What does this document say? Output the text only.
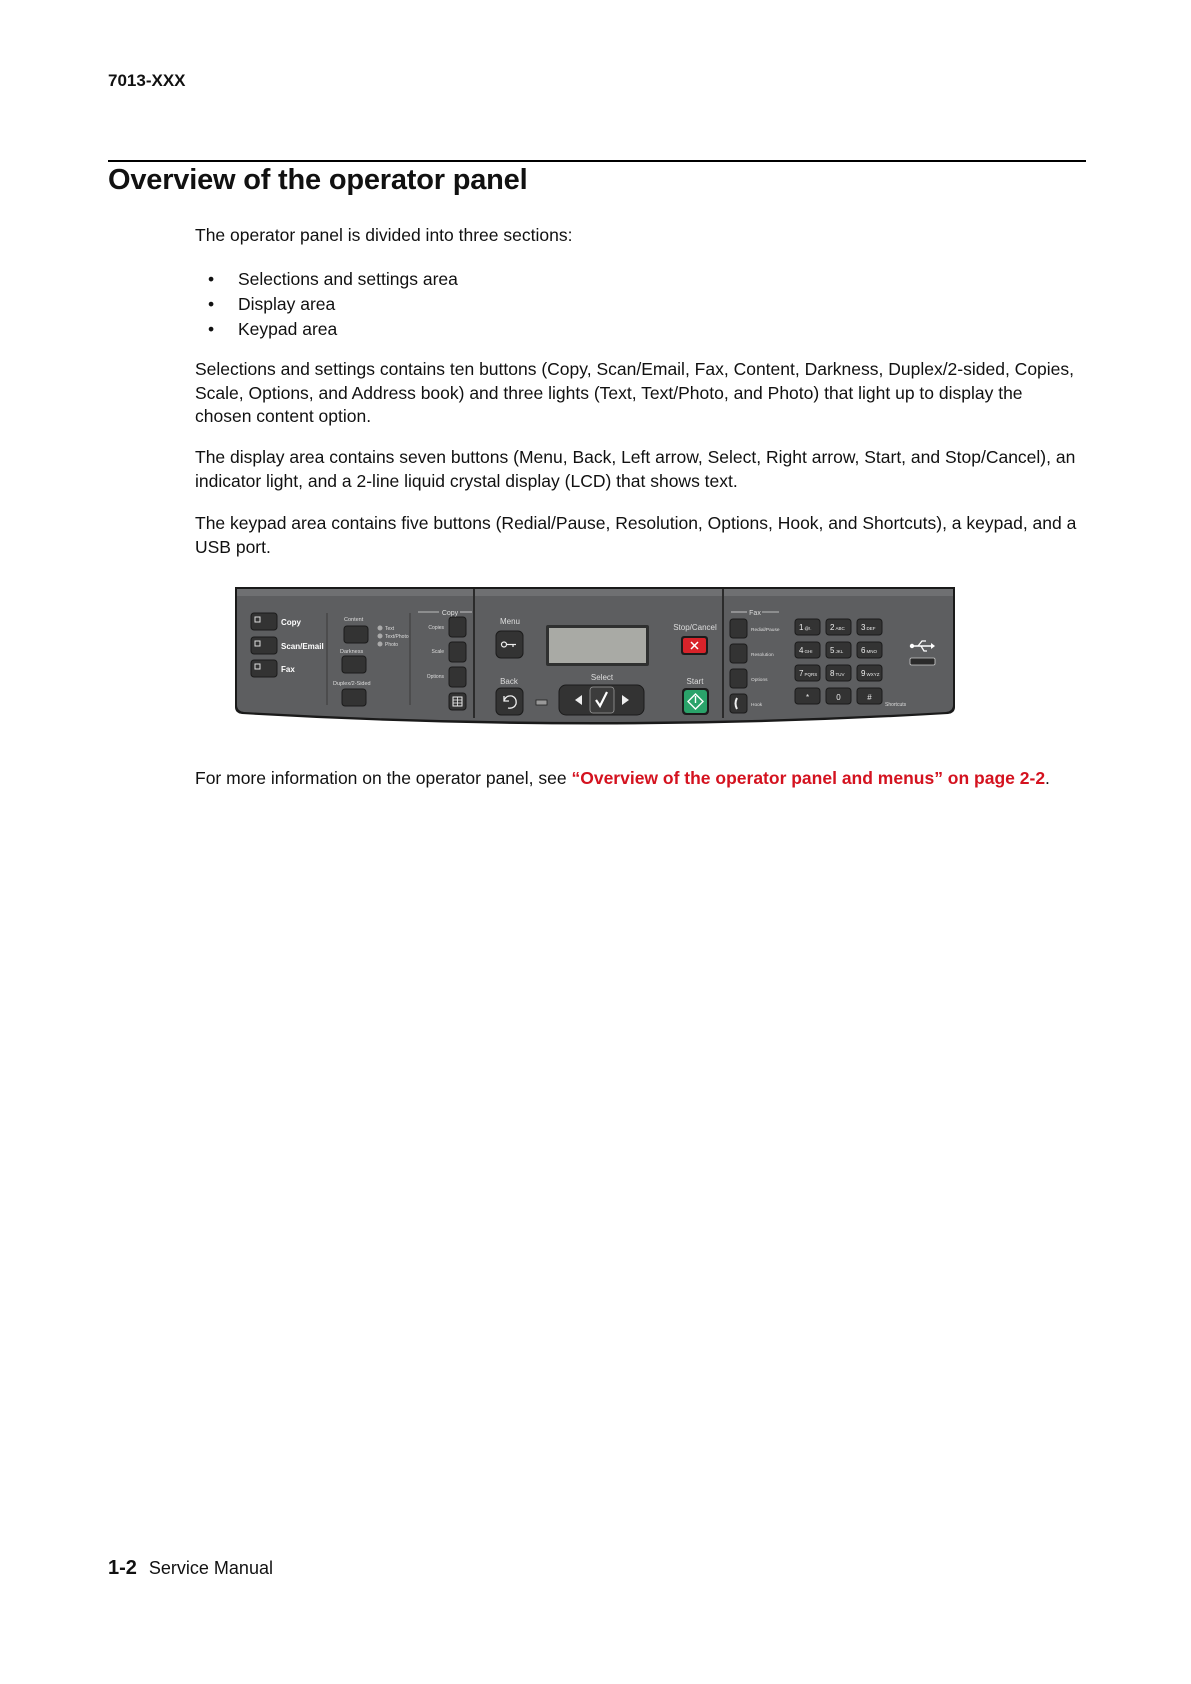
7013-XXX
Overview of the operator panel
The operator panel is divided into three sections:
• Selections and settings area
• Display area
• Keypad area
Selections and settings contains ten buttons (Copy, Scan/Email, Fax, Content, Darkness, Duplex/2-sided, Copies, Scale, Options, and Address book) and three lights (Text, Text/Photo, and Photo) that light up to display the chosen content option.
The display area contains seven buttons (Menu, Back, Left arrow, Select, Right arrow, Start, and Stop/Cancel), an indicator light, and a 2-line liquid crystal display (LCD) that shows text.
The keypad area contains five buttons (Redial/Pause, Resolution, Options, Hook, and Shortcuts), a keypad, and a USB port.
Copy
Scan/Email
Fax
Content
Text
Text/Photo
Photo
Darkness
Duplex/2-Sided
Copy
Copies
Scale
Options
Menu
Back	Select
Stop/Cancel
Start
Fax
Redial/Pause
Resolution
Options
Hook
1@!. 2ABC 3DEF
4GHI 5JKL 6MNO
7PQRS 8TUV 9WXYZ
*	0	#
Shortcuts
For more information on the operator panel, see “Overview of the operator panel and menus” on page 2-2.
1-2 Service Manual
